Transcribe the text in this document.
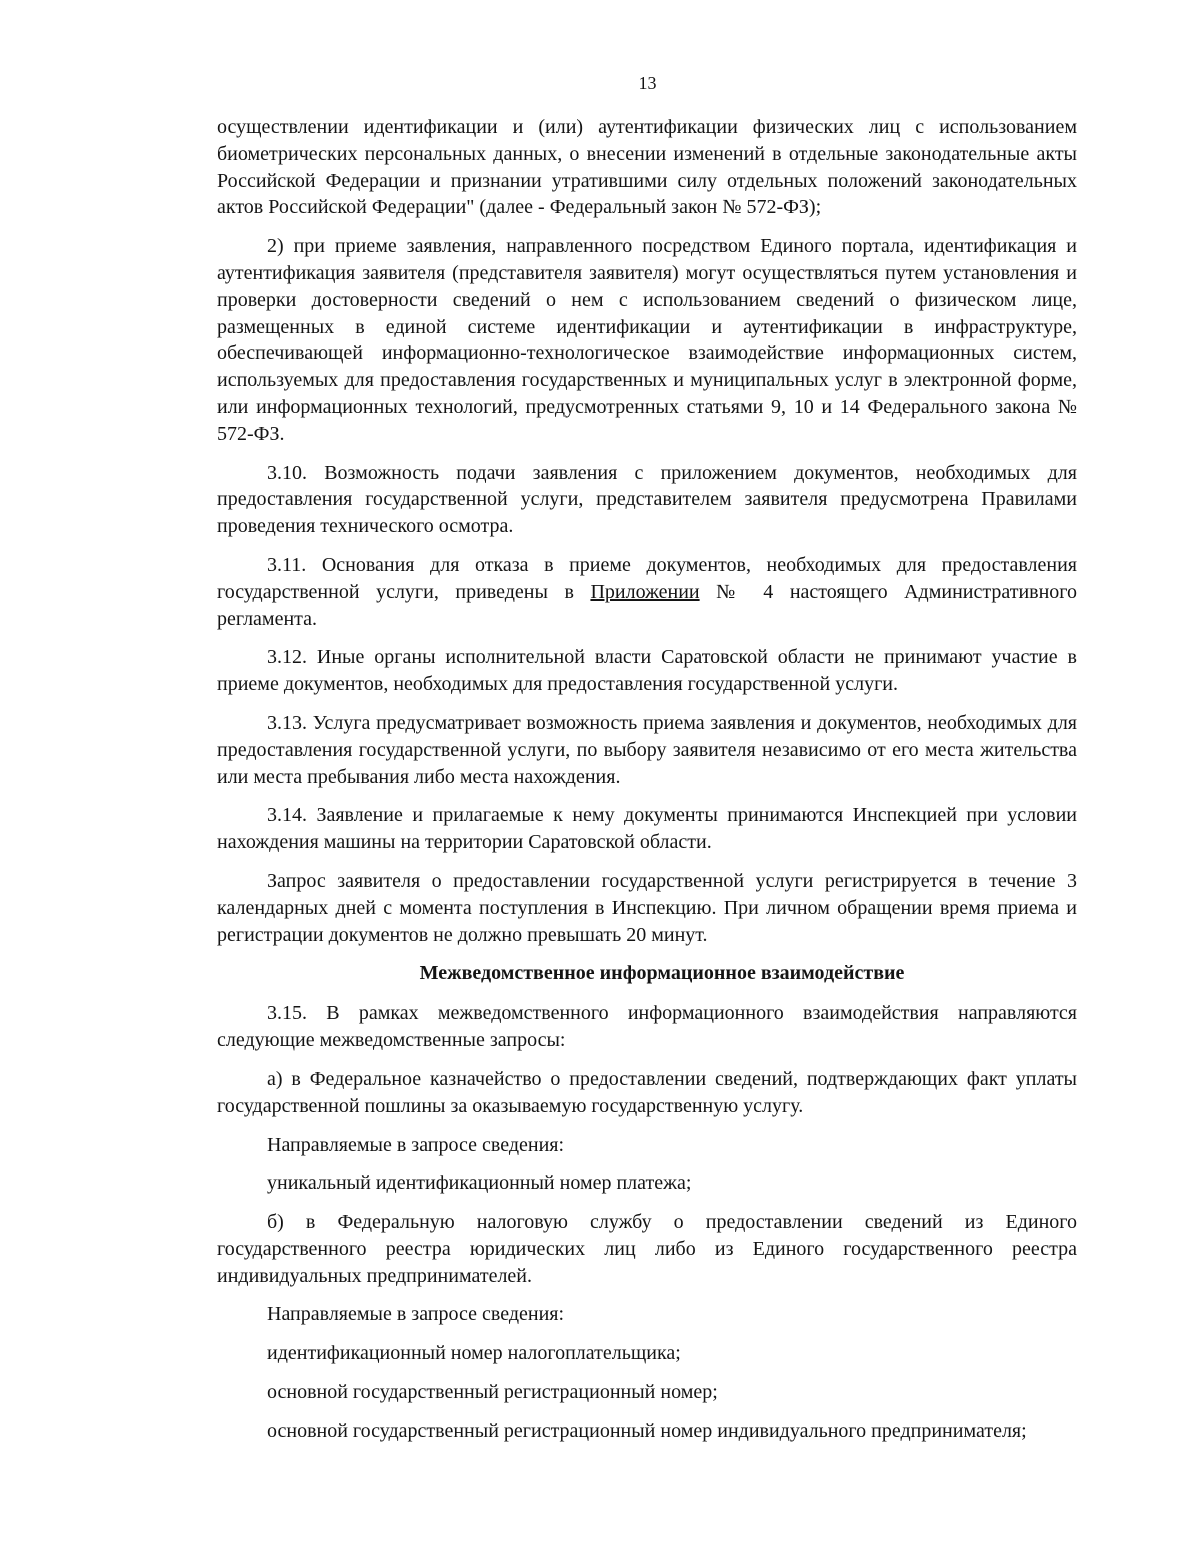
13

осуществлении идентификации и (или) аутентификации физических лиц с использованием биометрических персональных данных, о внесении изменений в отдельные законодательные акты Российской Федерации и признании утратившими силу отдельных положений законодательных актов Российской Федерации" (далее - Федеральный закон № 572-ФЗ);

2) при приеме заявления, направленного посредством Единого портала, идентификация и аутентификация заявителя (представителя заявителя) могут осуществляться путем установления и проверки достоверности сведений о нем с использованием сведений о физическом лице, размещенных в единой системе идентификации и аутентификации в инфраструктуре, обеспечивающей информационно-технологическое взаимодействие информационных систем, используемых для предоставления государственных и муниципальных услуг в электронной форме, или информационных технологий, предусмотренных статьями 9, 10 и 14 Федерального закона № 572-ФЗ.

3.10. Возможность подачи заявления с приложением документов, необходимых для предоставления государственной услуги, представителем заявителя предусмотрена Правилами проведения технического осмотра.

3.11. Основания для отказа в приеме документов, необходимых для предоставления государственной услуги, приведены в Приложении № 4 настоящего Административного регламента.

3.12. Иные органы исполнительной власти Саратовской области не принимают участие в приеме документов, необходимых для предоставления государственной услуги.

3.13. Услуга предусматривает возможность приема заявления и документов, необходимых для предоставления государственной услуги, по выбору заявителя независимо от его места жительства или места пребывания либо места нахождения.

3.14. Заявление и прилагаемые к нему документы принимаются Инспекцией при условии нахождения машины на территории Саратовской области.

Запрос заявителя о предоставлении государственной услуги регистрируется в течение 3 календарных дней с момента поступления в Инспекцию. При личном обращении время приема и регистрации документов не должно превышать 20 минут.

Межведомственное информационное взаимодействие

3.15. В рамках межведомственного информационного взаимодействия направляются следующие межведомственные запросы:

а) в Федеральное казначейство о предоставлении сведений, подтверждающих факт уплаты государственной пошлины за оказываемую государственную услугу.

Направляемые в запросе сведения:

уникальный идентификационный номер платежа;

б) в Федеральную налоговую службу о предоставлении сведений из Единого государственного реестра юридических лиц либо из Единого государственного реестра индивидуальных предпринимателей.

Направляемые в запросе сведения:

идентификационный номер налогоплательщика;

основной государственный регистрационный номер;

основной государственный регистрационный номер индивидуального предпринимателя;
